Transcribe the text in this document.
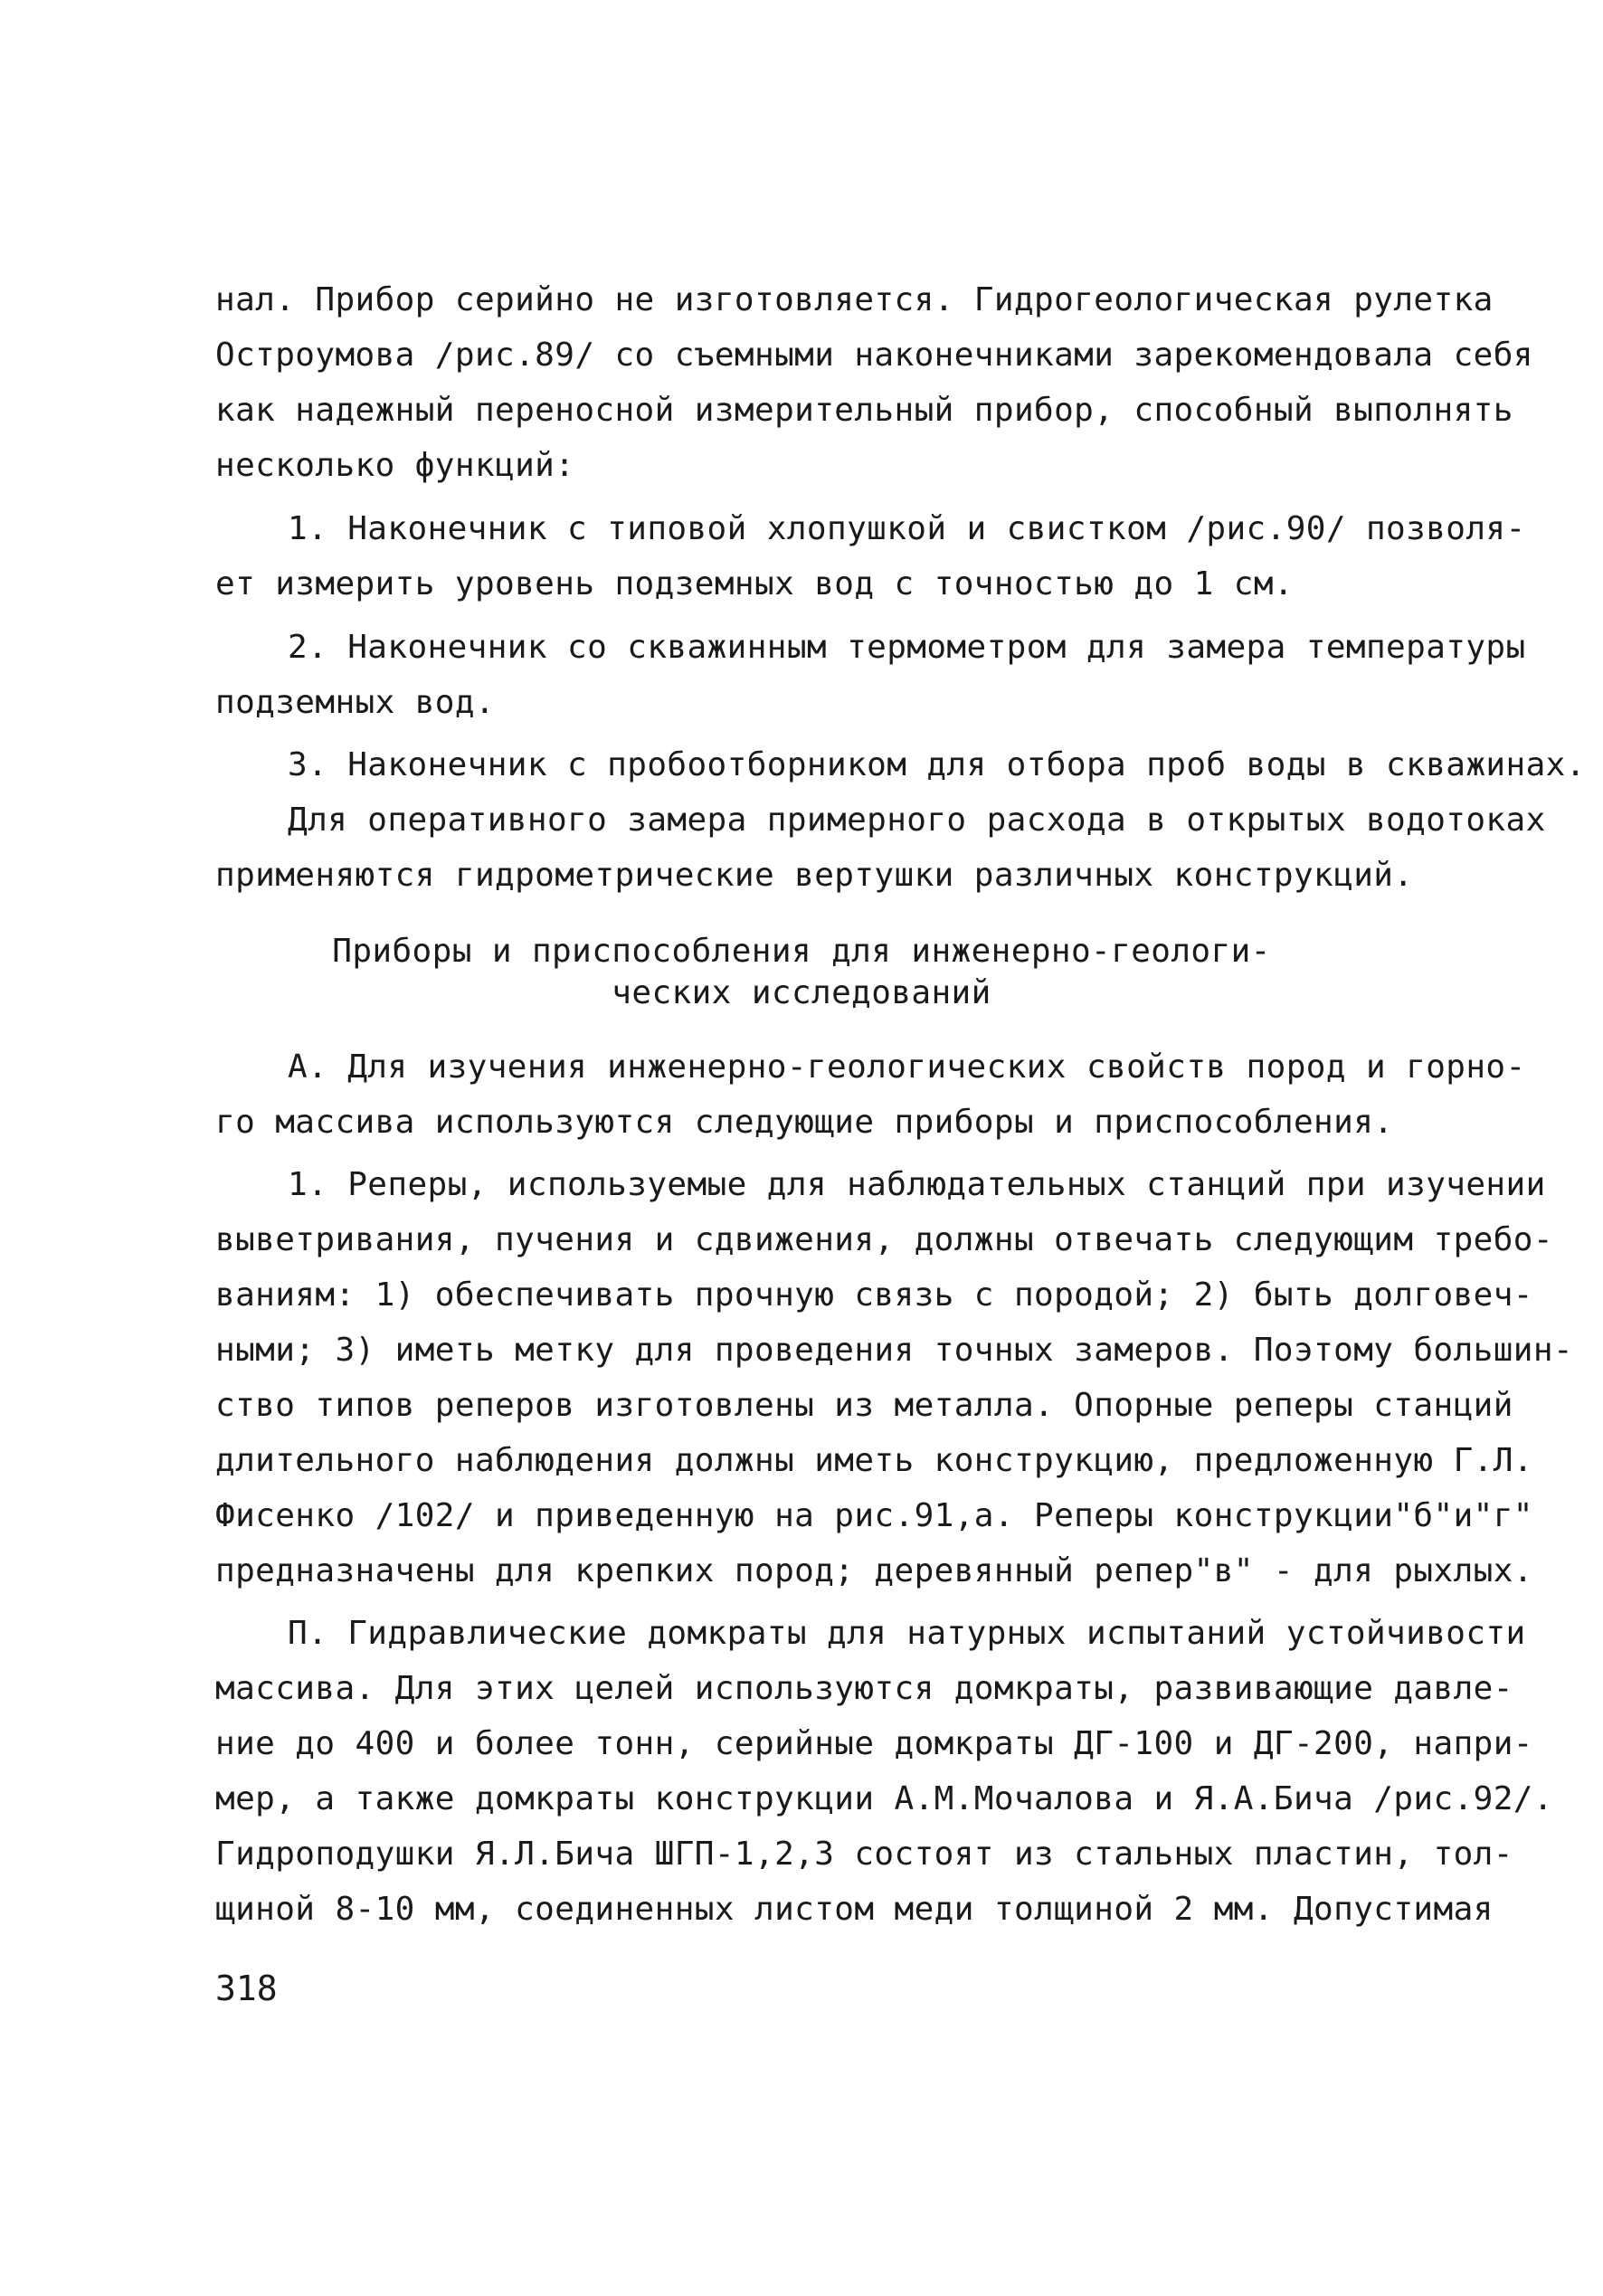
нал. Прибор серийно не изготовляется. Гидрогеологическая рулетка
Остроумова /рис.89/ со съемными наконечниками зарекомендовала себя
как надежный переносной измерительный прибор, способный выполнять
несколько функций:
1. Наконечник с типовой хлопушкой и свистком /рис.90/ позволя-
ет измерить уровень подземных вод с точностью до 1 см.
2. Наконечник со скважинным термометром для замера температуры
подземных вод.
3. Наконечник с пробоотборником для отбора проб воды в скважинах.
Для оперативного замера примерного расхода в открытых водотоках
применяются гидрометрические вертушки различных конструкций.
Приборы и приспособления для инженерно-геологи-
ческих исследований
А. Для изучения инженерно-геологических свойств пород и горно-
го массива используются следующие приборы и приспособления.
1. Реперы, используемые для наблюдательных станций при изучении
выветривания, пучения и сдвижения, должны отвечать следующим требо-
ваниям: 1) обеспечивать прочную связь с породой; 2) быть долговеч-
ными; 3) иметь метку для проведения точных замеров. Поэтому большин-
ство типов реперов изготовлены из металла. Опорные реперы станций
длительного наблюдения должны иметь конструкцию, предложенную Г.Л.
Фисенко /102/ и приведенную на рис.91,а. Реперы конструкции"б"и"г"
предназначены для крепких пород; деревянный репер"в" - для рыхлых.
П. Гидравлические домкраты для натурных испытаний устойчивости
массива. Для этих целей используются домкраты, развивающие давле-
ние до 400 и более тонн, серийные домкраты ДГ-100 и ДГ-200, напри-
мер, а также домкраты конструкции А.М.Мочалова и Я.А.Бича /рис.92/.
Гидроподушки Я.Л.Бича ШГП-1,2,3 состоят из стальных пластин, тол-
щиной 8-10 мм, соединенных листом меди толщиной 2 мм. Допустимая
318
